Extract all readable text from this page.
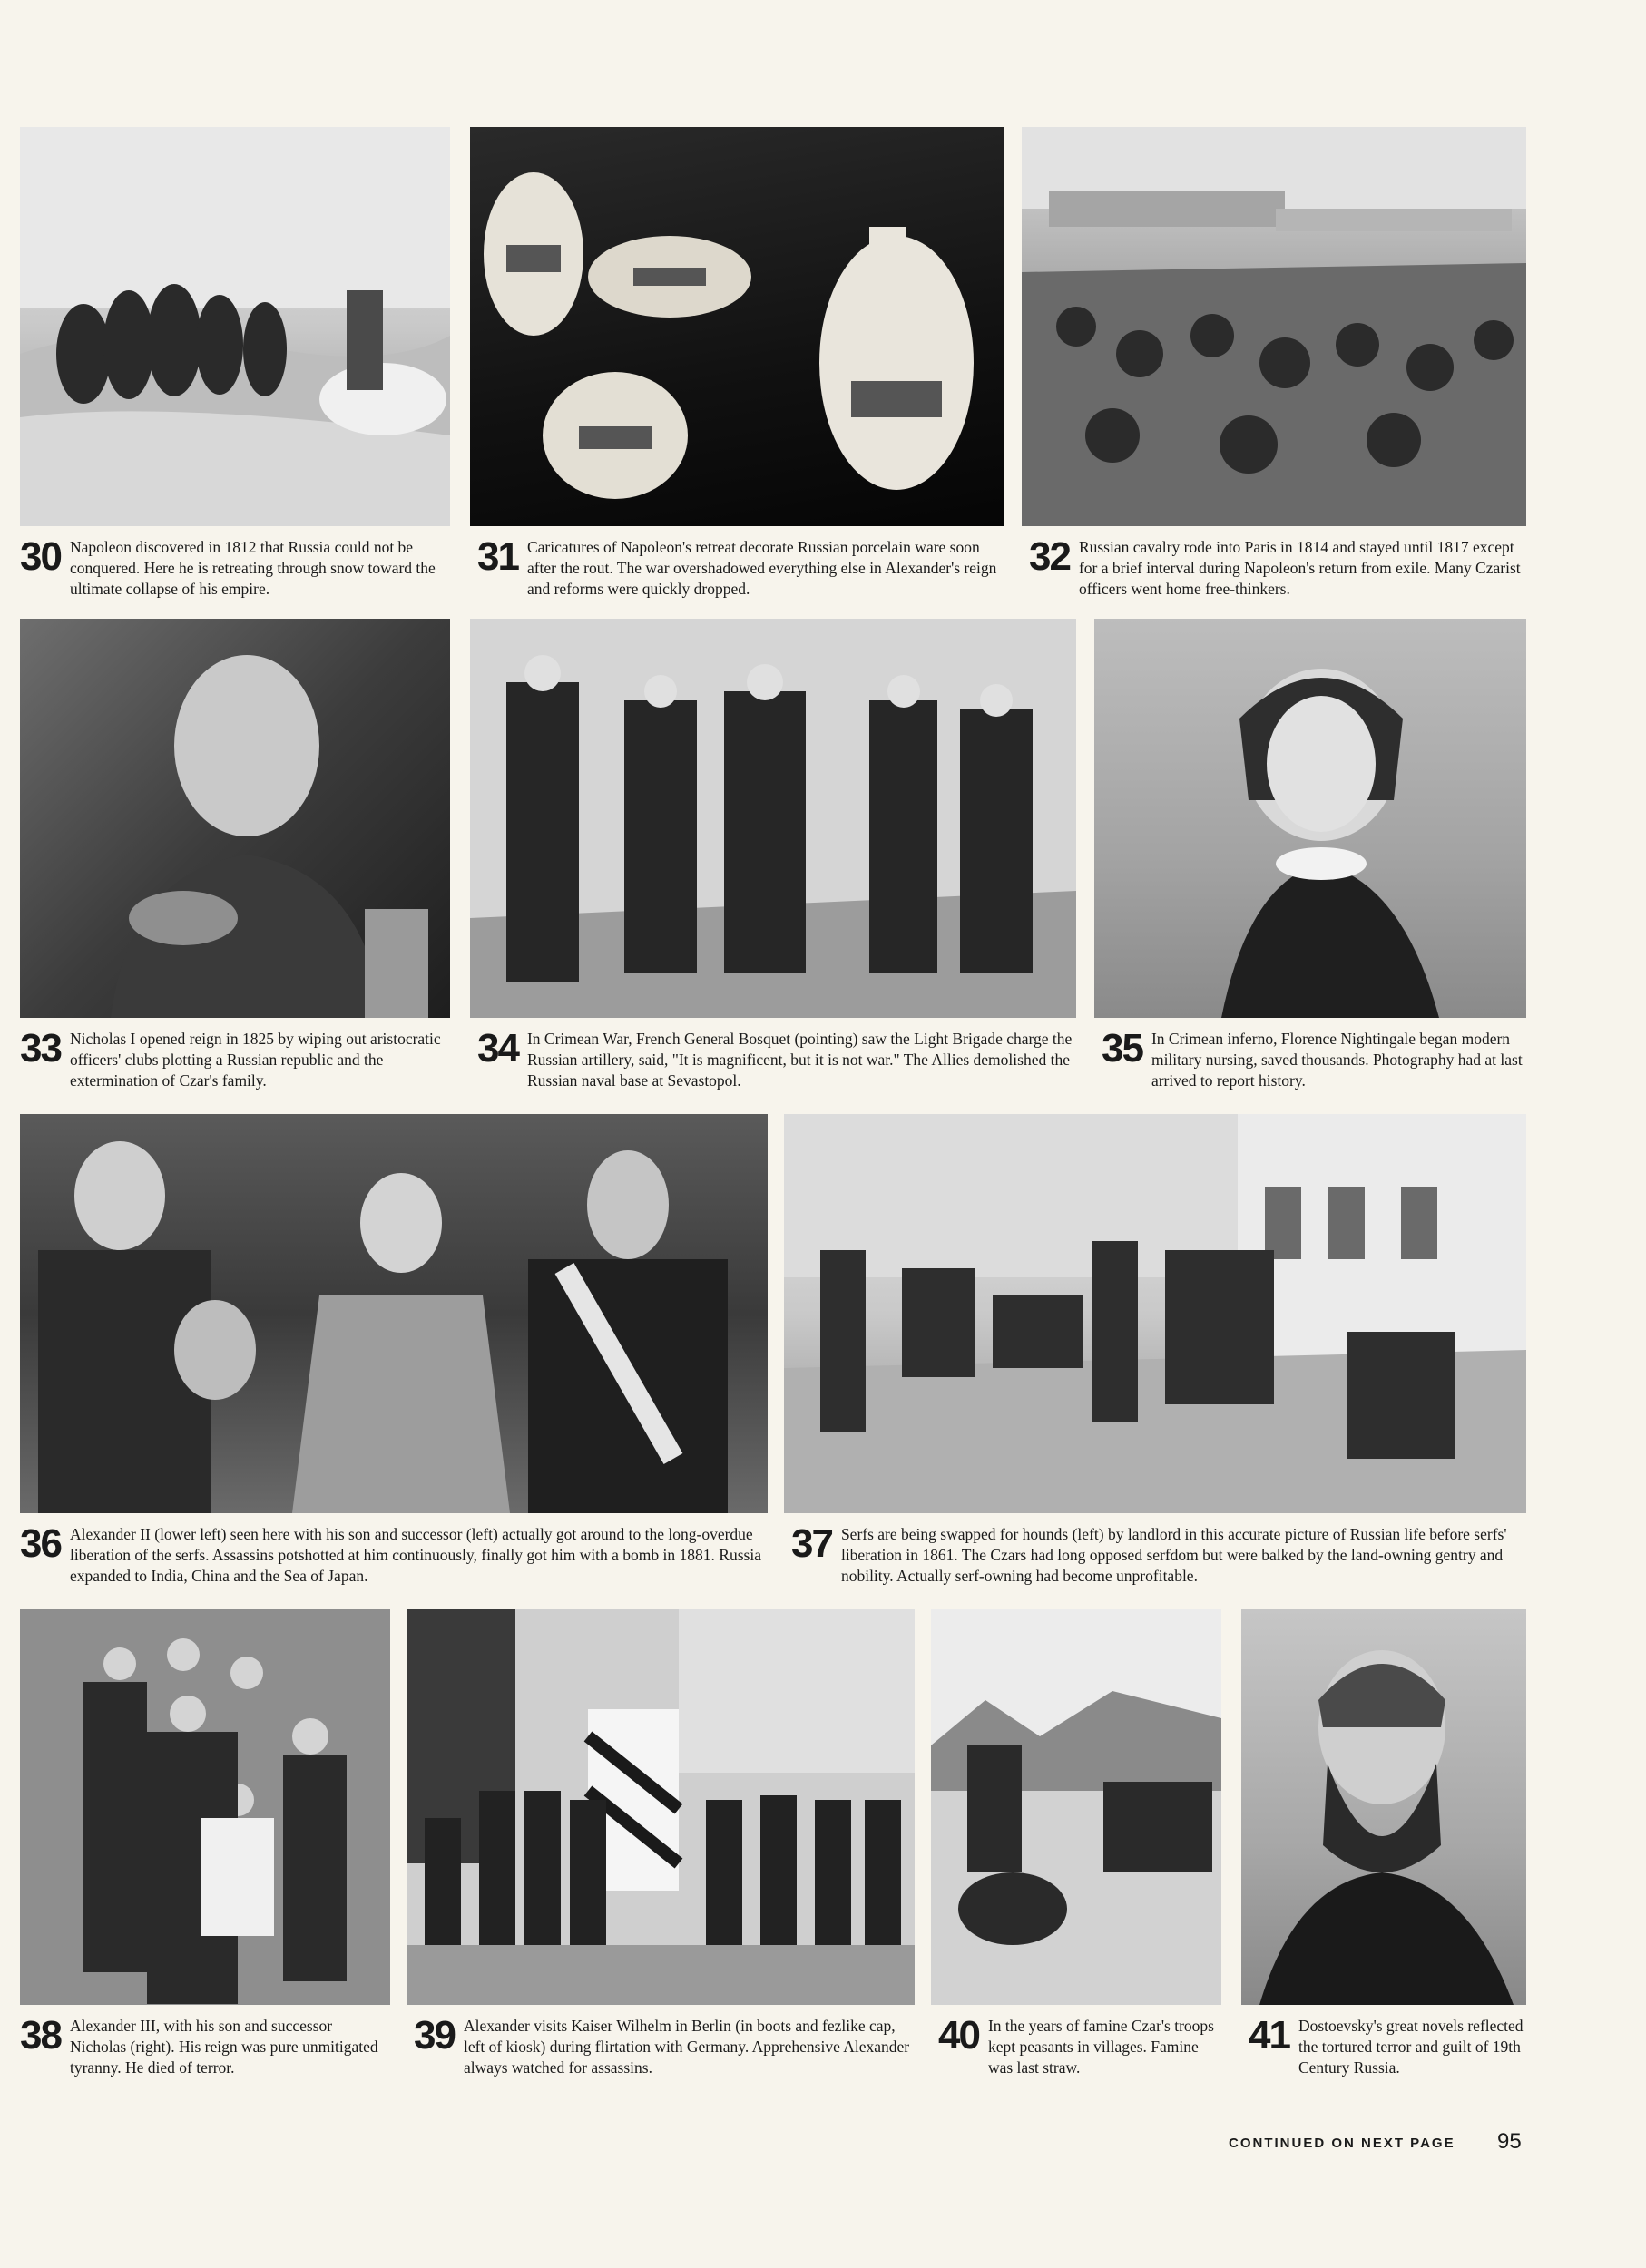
30 Napoleon discovered in 1812 that Russia could not be conquered. Here he is retreating through snow toward the ultimate collapse of his empire.
31 Caricatures of Napoleon's retreat decorate Russian porcelain ware soon after the rout. The war overshadowed everything else in Alexander's reign and reforms were quickly dropped.
32 Russian cavalry rode into Paris in 1814 and stayed until 1817 except for a brief interval during Napoleon's return from exile. Many Czarist officers went home free-thinkers.
33 Nicholas I opened reign in 1825 by wiping out aristocratic officers' clubs plotting a Russian republic and the extermination of Czar's family.
34 In Crimean War, French General Bosquet (pointing) saw the Light Brigade charge the Russian artillery, said, "It is magnificent, but it is not war." The Allies demolished the Russian naval base at Sevastopol.
35 In Crimean inferno, Florence Nightingale began modern military nursing, saved thousands. Photography had at last arrived to report history.
36 Alexander II (lower left) seen here with his son and successor (left) actually got around to the long-overdue liberation of the serfs. Assassins potshotted at him continuously, finally got him with a bomb in 1881. Russia expanded to India, China and the Sea of Japan.
37 Serfs are being swapped for hounds (left) by landlord in this accurate picture of Russian life before serfs' liberation in 1861. The Czars had long opposed serfdom but were balked by the land-owning gentry and nobility. Actually serf-owning had become unprofitable.
38 Alexander III, with his son and successor Nicholas (right). His reign was pure unmitigated tyranny. He died of terror.
39 Alexander visits Kaiser Wilhelm in Berlin (in boots and fezlike cap, left of kiosk) during flirtation with Germany. Apprehensive Alexander always watched for assassins.
40 In the years of famine Czar's troops kept peasants in villages. Famine was last straw.
41 Dostoevsky's great novels reflected the tortured terror and guilt of 19th Century Russia.
CONTINUED ON NEXT PAGE 95
